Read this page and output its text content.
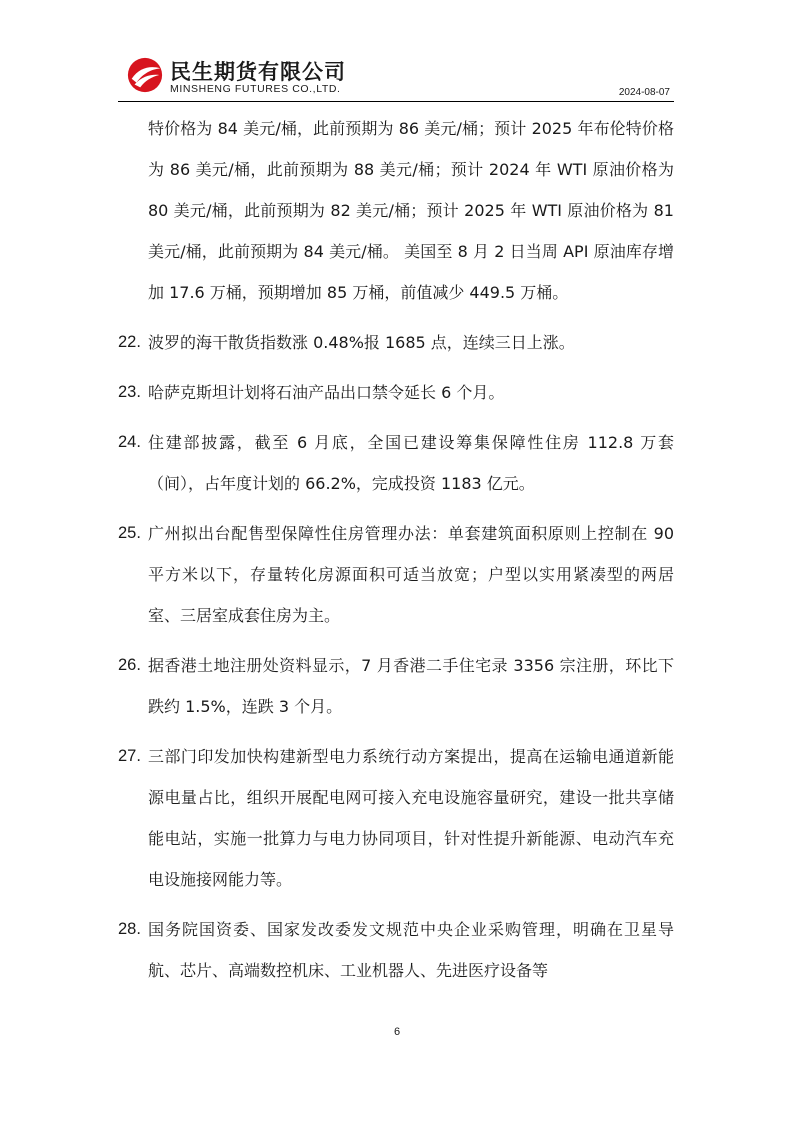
民生期货有限公司
MINSHENG FUTURES CO.,LTD.	2024-08-07

特价格为 84 美元/桶，此前预期为 86 美元/桶；预计 2025 年布伦特价格为 86 美元/桶，此前预期为 88 美元/桶；预计 2024 年 WTI 原油价格为 80 美元/桶，此前预期为 82 美元/桶；预计 2025 年 WTI 原油价格为 81 美元/桶，此前预期为 84 美元/桶。 美国至 8 月 2 日当周 API 原油库存增加 17.6 万桶，预期增加 85 万桶，前值减少 449.5 万桶。

22. 波罗的海干散货指数涨 0.48%报 1685 点，连续三日上涨。
23. 哈萨克斯坦计划将石油产品出口禁令延长 6 个月。
24. 住建部披露，截至 6 月底，全国已建设筹集保障性住房 112.8 万套（间），占年度计划的 66.2%，完成投资 1183 亿元。
25. 广州拟出台配售型保障性住房管理办法：单套建筑面积原则上控制在 90 平方米以下，存量转化房源面积可适当放宽；户型以实用紧凑型的两居室、三居室成套住房为主。
26. 据香港土地注册处资料显示，7 月香港二手住宅录 3356 宗注册，环比下跌约 1.5%，连跌 3 个月。
27. 三部门印发加快构建新型电力系统行动方案提出，提高在运输电通道新能源电量占比，组织开展配电网可接入充电设施容量研究，建设一批共享储能电站，实施一批算力与电力协同项目，针对性提升新能源、电动汽车充电设施接网能力等。
28. 国务院国资委、国家发改委发文规范中央企业采购管理，明确在卫星导航、芯片、高端数控机床、工业机器人、先进医疗设备等
6
